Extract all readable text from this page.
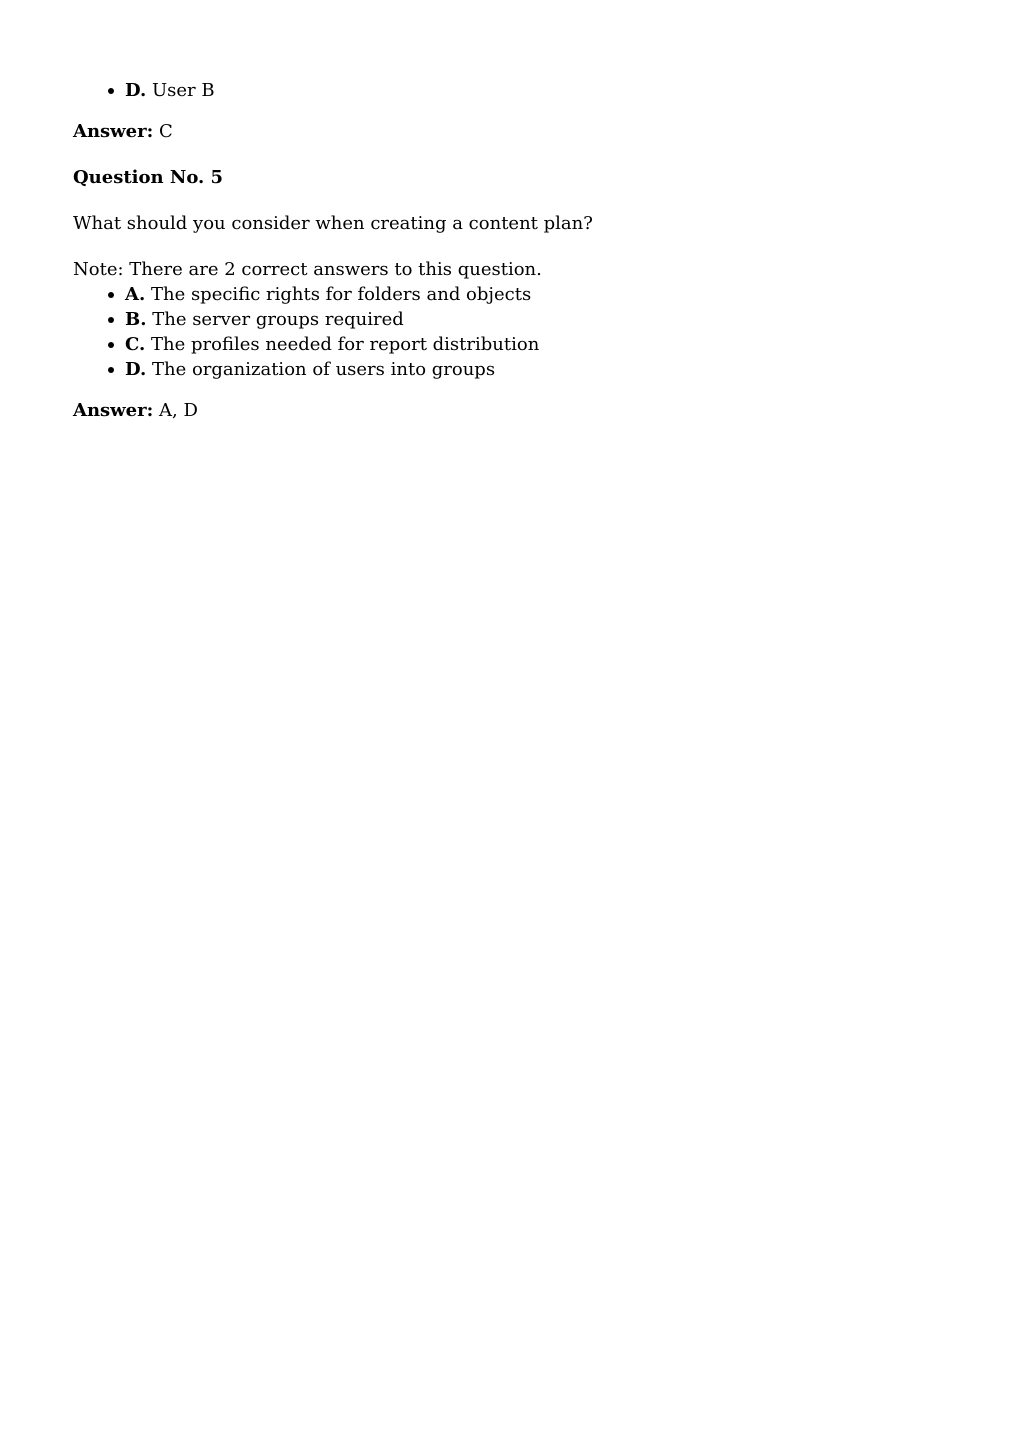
D. User B
Answer: C
Question No. 5
What should you consider when creating a content plan?
Note: There are 2 correct answers to this question.
A. The specific rights for folders and objects
B. The server groups required
C. The profiles needed for report distribution
D. The organization of users into groups
Answer: A, D
